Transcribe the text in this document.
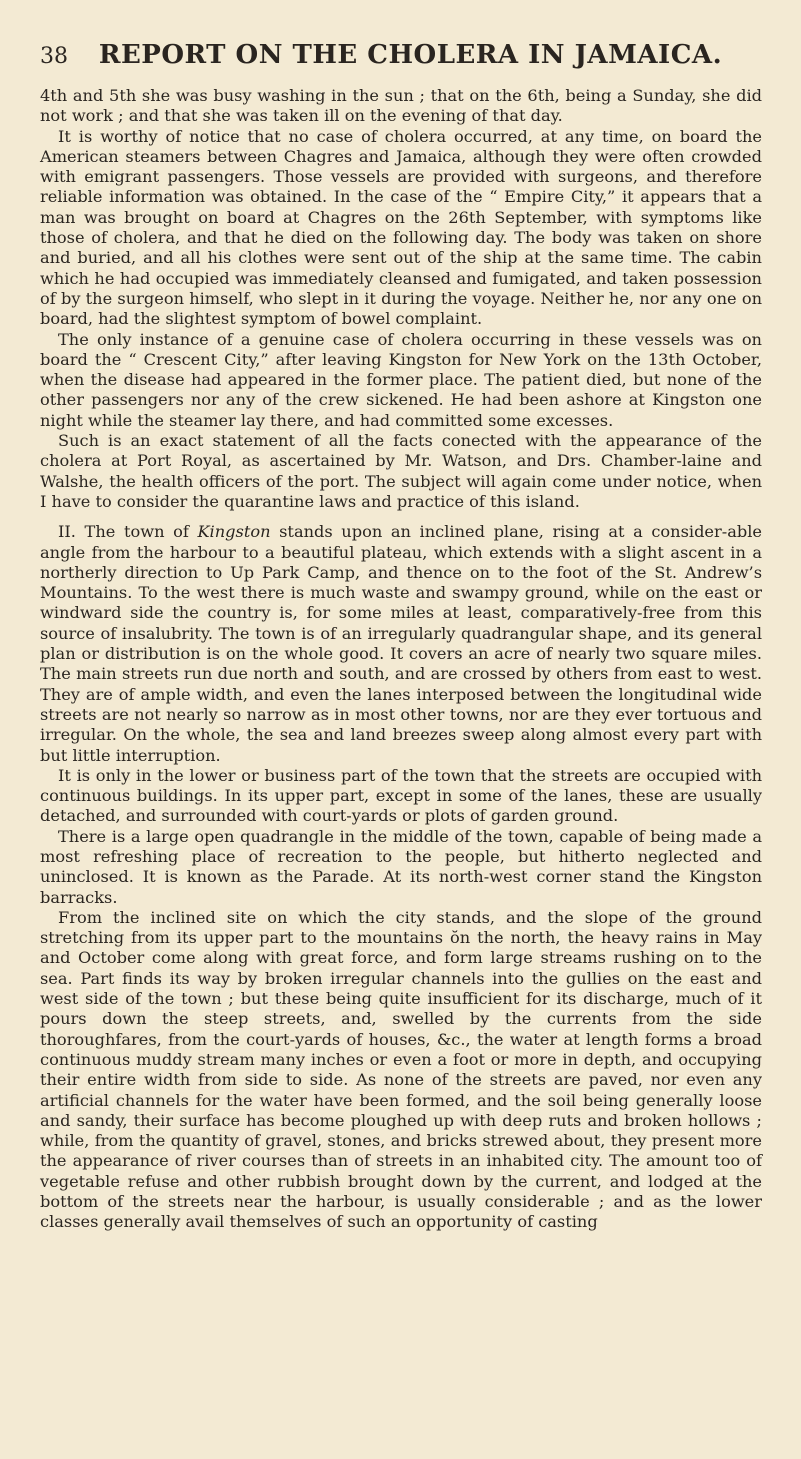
38	REPORT ON THE CHOLERA IN JAMAICA.

4th and 5th she was busy washing in the sun ; that on the 6th, being a Sunday, she did not work ; and that she was taken ill on the evening of that day.

It is worthy of notice that no case of cholera occurred, at any time, on board the American steamers between Chagres and Jamaica, although they were often crowded with emigrant passengers. Those vessels are provided with surgeons, and therefore reliable information was obtained. In the case of the “ Empire City,” it appears that a man was brought on board at Chagres on the 26th September, with symptoms like those of cholera, and that he died on the following day. The body was taken on shore and buried, and all his clothes were sent out of the ship at the same time. The cabin which he had occupied was immediately cleansed and fumigated, and taken possession of by the surgeon himself, who slept in it during the voyage. Neither he, nor any one on board, had the slightest symptom of bowel complaint.

The only instance of a genuine case of cholera occurring in these vessels was on board the “ Crescent City,” after leaving Kingston for New York on the 13th October, when the disease had appeared in the former place. The patient died, but none of the other passengers nor any of the crew sickened. He had been ashore at Kingston one night while the steamer lay there, and had committed some excesses.

Such is an exact statement of all the facts conected with the appearance of the cholera at Port Royal, as ascertained by Mr. Watson, and Drs. Chamber-laine and Walshe, the health officers of the port. The subject will again come under notice, when I have to consider the quarantine laws and practice of this island.

II. The town of Kingston stands upon an inclined plane, rising at a consider-able angle from the harbour to a beautiful plateau, which extends with a slight ascent in a northerly direction to Up Park Camp, and thence on to the foot of the St. Andrew’s Mountains. To the west there is much waste and swampy ground, while on the east or windward side the country is, for some miles at least, comparatively-free from this source of insalubrity. The town is of an irregularly quadrangular shape, and its general plan or distribution is on the whole good. It covers an acre of nearly two square miles. The main streets run due north and south, and are crossed by others from east to west. They are of ample width, and even the lanes interposed between the longitudinal wide streets are not nearly so narrow as in most other towns, nor are they ever tortuous and irregular. On the whole, the sea and land breezes sweep along almost every part with but little interruption.

It is only in the lower or business part of the town that the streets are occupied with continuous buildings. In its upper part, except in some of the lanes, these are usually detached, and surrounded with court-yards or plots of garden ground.

There is a large open quadrangle in the middle of the town, capable of being made a most refreshing place of recreation to the people, but hitherto neglected and uninclosed. It is known as the Parade. At its north-west corner stand the Kingston barracks.

From the inclined site on which the city stands, and the slope of the ground stretching from its upper part to the mountains ŏn the north, the heavy rains in May and October come along with great force, and form large streams rushing on to the sea. Part finds its way by broken irregular channels into the gullies on the east and west side of the town ; but these being quite insufficient for its discharge, much of it pours down the steep streets, and, swelled by the currents from the side thoroughfares, from the court-yards of houses, &c., the water at length forms a broad continuous muddy stream many inches or even a foot or more in depth, and occupying their entire width from side to side. As none of the streets are paved, nor even any artificial channels for the water have been formed, and the soil being generally loose and sandy, their surface has become ploughed up with deep ruts and broken hollows ; while, from the quantity of gravel, stones, and bricks strewed about, they present more the appearance of river courses than of streets in an inhabited city. The amount too of vegetable refuse and other rubbish brought down by the current, and lodged at the bottom of the streets near the harbour, is usually considerable ; and as the lower classes generally avail themselves of such an opportunity of casting
